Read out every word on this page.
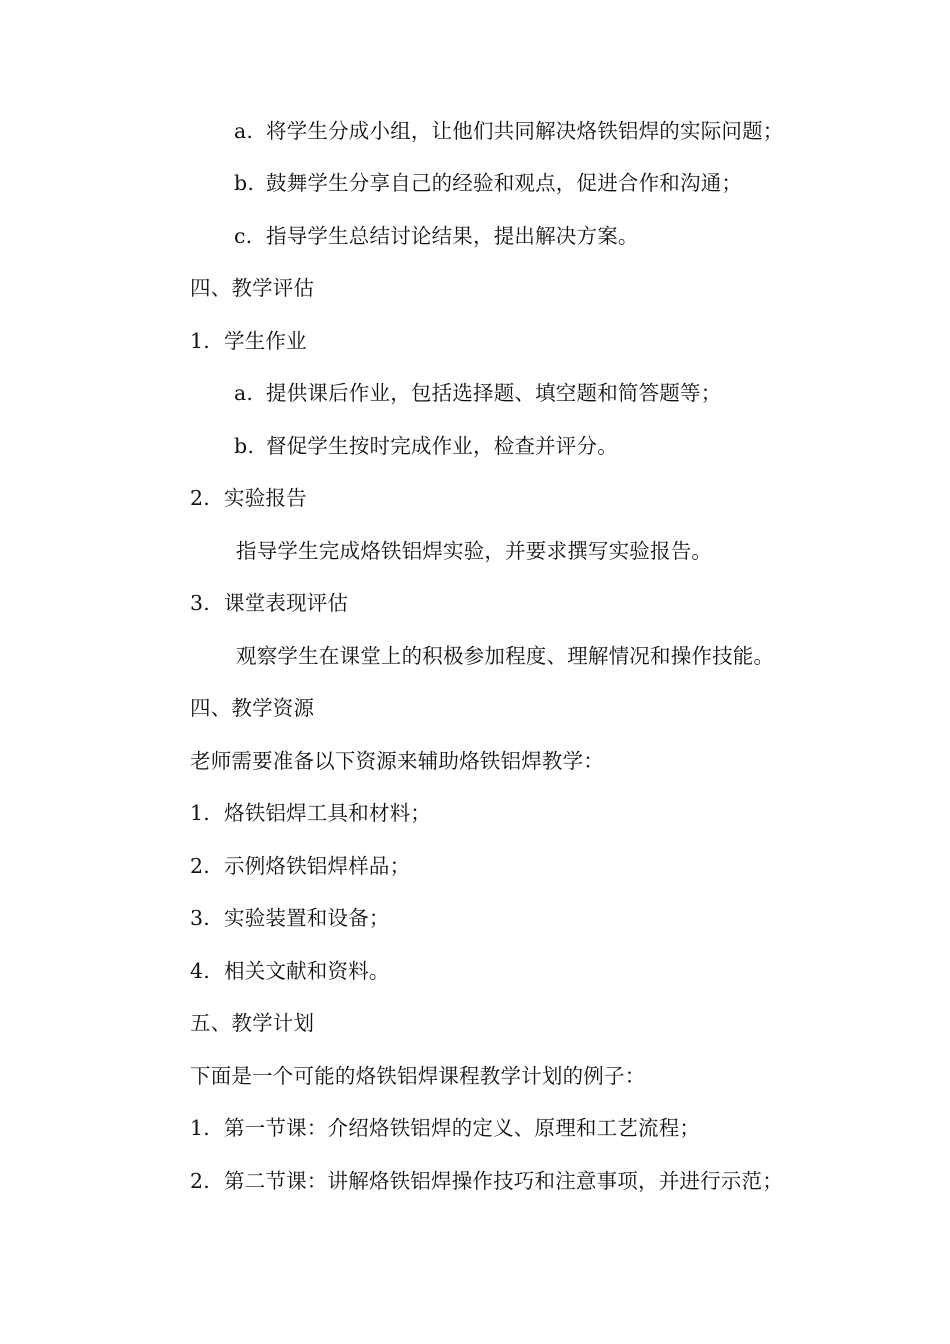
a. 将学生分成小组，让他们共同解决烙铁铝焊的实际问题；
b. 鼓舞学生分享自己的经验和观点，促进合作和沟通；
c. 指导学生总结讨论结果，提出解决方案。
四、教学评估
1. 学生作业
a. 提供课后作业，包括选择题、填空题和简答题等；
b. 督促学生按时完成作业，检查并评分。
2. 实验报告
指导学生完成烙铁铝焊实验，并要求撰写实验报告。
3. 课堂表现评估
观察学生在课堂上的积极参加程度、理解情况和操作技能。
四、教学资源
老师需要准备以下资源来辅助烙铁铝焊教学：
1. 烙铁铝焊工具和材料；
2. 示例烙铁铝焊样品；
3. 实验装置和设备；
4. 相关文献和资料。
五、教学计划
下面是一个可能的烙铁铝焊课程教学计划的例子：
1. 第一节课：介绍烙铁铝焊的定义、原理和工艺流程；
2. 第二节课：讲解烙铁铝焊操作技巧和注意事项，并进行示范；
